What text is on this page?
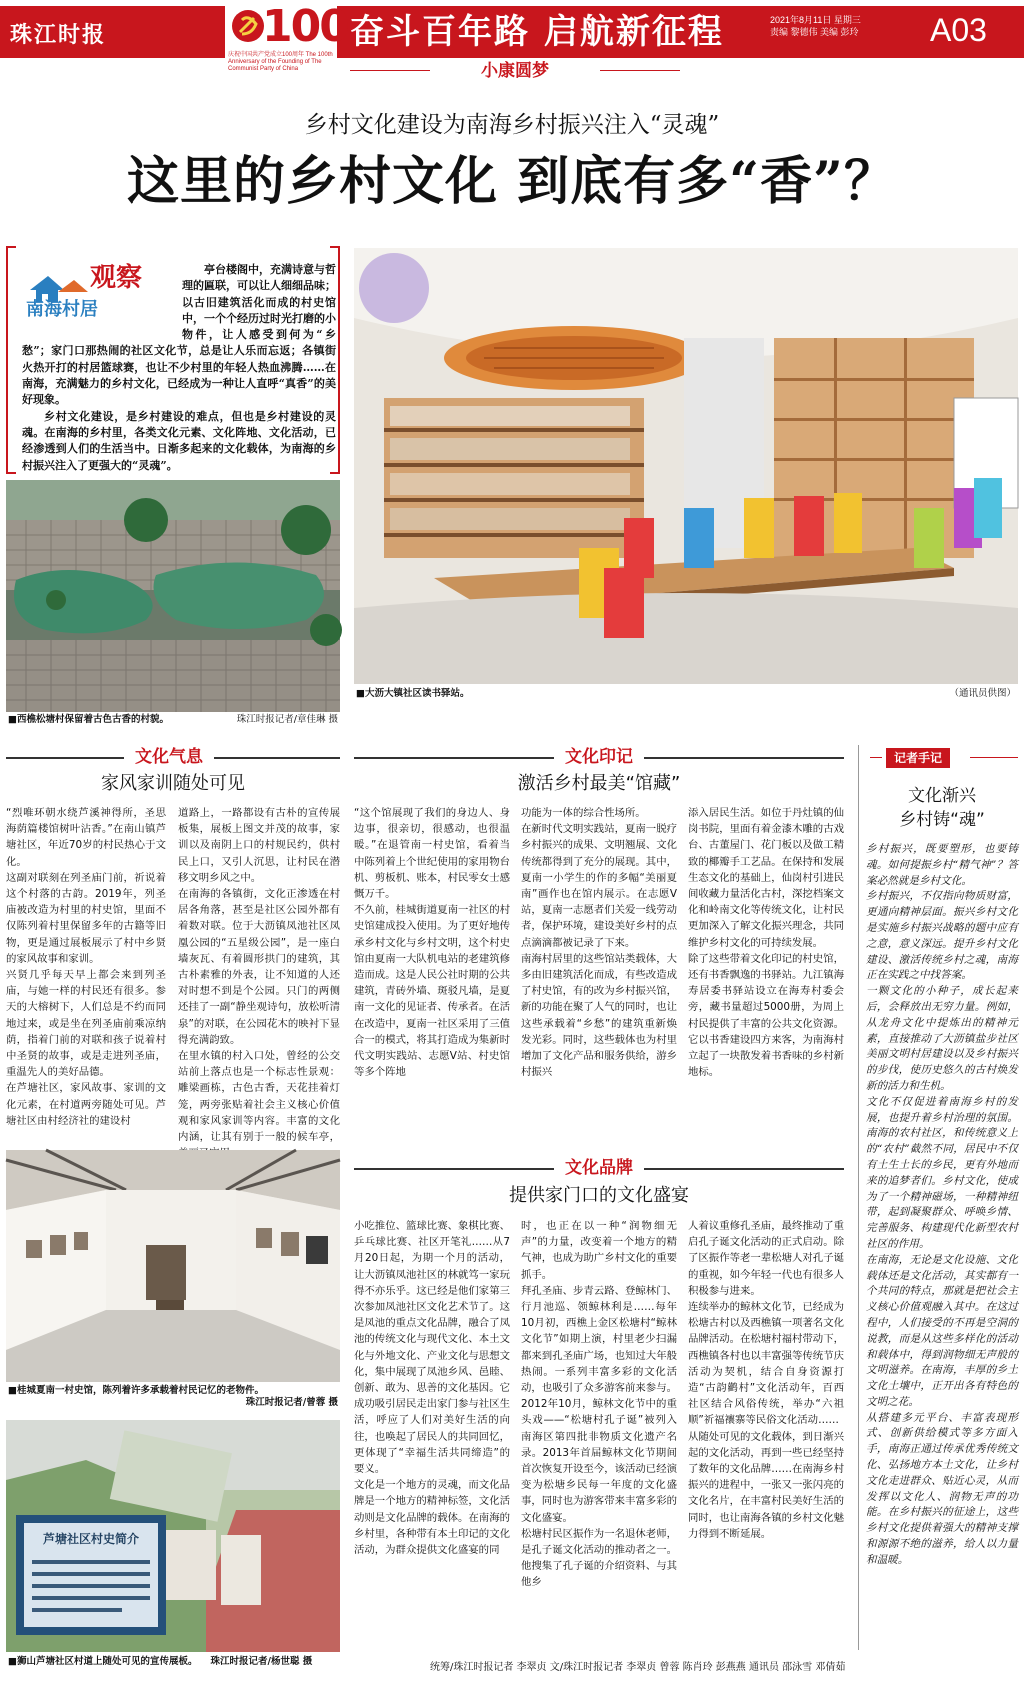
珠江时报	100
庆祝中国共产党成立100周年 The 100th Anniversary of the Founding of The Communist Party of China
奋斗百年路 启航新征程	2021年8月11日 星期三
责编 黎德伟 美编 彭玲	A03
小康圆梦
乡村文化建设为南海乡村振兴注入“灵魂”
这里的乡村文化 到底有多“香”？
观察
南海村居

亭台楼阁中，充满诗意与哲理的匾联，可以让人细细品味；以古旧建筑活化而成的村史馆中，一个个经历过时光打磨的小物件，让人感受到何为“乡愁”；家门口那热闹的社区文化节，总是让人乐而忘返；各镇街火热开打的村居篮球赛，也让不少村里的年轻人热血沸腾……在南海，充满魅力的乡村文化，已经成为一种让人直呼“真香”的美好现象。

乡村文化建设，是乡村建设的难点，但也是乡村建设的灵魂。在南海的乡村里，各类文化元素、文化阵地、文化活动，已经渗透到人们的生活当中。日渐多起来的文化载体，为南海的乡村振兴注入了更强大的“灵魂”。

■西樵松塘村保留着古色古香的村貌。	珠江时报记者/章佳琳 摄
■大沥大镇社区读书驿站。	（通讯员供图）
文化气息
家风家训随处可见
“烈唯环朝水绕芦溪神得所，圣思海荫篇楼馆树叶沾香。”在南山镇芦塘社区，年近70岁的村民热心于文化。
这副对联刻在列圣庙门前，祈说着这个村落的古韵。2019年，列圣庙被改造为村里的村史馆，里面不仅陈列着村里保留多年的古籍等旧物，更是通过展板展示了村中乡贤的家风故事和家训。
兴贤几乎每天早上都会来到列圣庙，与她一样的村民还有很多。参天的大榕树下，人们总是不约而同地过来，或是坐在列圣庙前乘凉纳荫，指着门前的对联和孩子说着村中圣贤的故事，或是走进列圣庙，重温先人的美好品德。
在芦塘社区，家风故事、家训的文化元素，在村道两旁随处可见。芦塘社区由村经济社的建设村
道路上，一路都设有古朴的宣传展板集，展板上图文并茂的故事，家训以及南阴上口的村规民约，供村民上口，又引人沉思，让村民在潜移文明乡风之中。
在南海的各镇街，文化正渗透在村居各角落，甚至是社区公园外都有着数对联。位于大沥镇凤池社区凤凰公园的“五星级公园”，是一座白墙灰瓦、有着圆形拱门的建筑，其古朴素雅的外表，让不知道的人还对时想不到是个公园。只门的两侧还挂了一副“静坐观诗句，放松听清泉”的对联，在公园花木的映衬下显得充满韵致。
在里水镇的村入口处，曾经的公交站前上落点也是一个标志性景观：雕梁画栋，古色古香，天花挂着灯笼，两旁张贴着社会主义核心价值观和家风家训等内容。丰富的文化内涵，让其有别于一般的候车亭，
■桂城夏南一村史馆，陈列着许多承载着村民记忆的老物件。
珠江时报记者/曾蓉 摄
芦塘社区村史简介
■狮山芦塘社区村道上随处可见的宣传展板。 珠江时报记者/杨世聪 摄
文化印记
激活乡村最美“馆藏”
“这个馆展现了我们的身边人、身边事，很亲切，很感动，也很温暖。”在退管南一村史馆，看着当中陈列着上个世纪使用的家用物台机、剪板机、账本，村民零女士感慨万千。
不久前，桂城街道夏南一社区的村史馆建成投入使用。为了更好地传承乡村文化与乡村文明，这个村史馆由夏南一大队机电站的老建筑修造而成。这是人民公社时期的公共建筑，青砖外墙、斑驳凡墙，是夏南一文化的见证者、传承者。在活在改造中，夏南一社区采用了三值合一的模式，将其打造成为集新时代文明实践站、志愿V站、村史馆等多个阵地
功能为一体的综合性场所。
在新时代文明实践站，夏南一脱疗乡村振兴的成果、文明翘展、文化传统都得到了充分的展现。其中，夏南一小学生的作的多幅“美丽夏南”画作也在馆内展示。在志愿V站，夏南一志愿者们关爱一线劳动者，保护环境，建设美好乡村的点点滴滴都被记录了下来。
南海村居里的这些馆站类载体，大多由旧建筑活化而成，有些改造成了村史馆，有的改为乡村振兴馆，新的功能在聚了人气的同时，也让这些承载着“乡愁”的建筑重新焕发光彩。同时，这些载体也为村里增加了文化产品和服务供给，游乡村振兴
添入居民生活。如位于丹灶镇的仙岗书院，里面有着金漆木雕的古戏台、古董屋门、花门板以及做工精致的椰瓣手工艺品。在保持和发展生态文化的基础上，仙岗村引进民间收藏力量活化古村，深挖档案文化和岭南文化等传统文化，让村民更加深入了解文化振兴理念，共同维护乡村文化的可持续发展。
除了这些带着文化印记的村史馆，还有书香飘逸的书驿站。九江镇海寿居委书驿站设立在海寿村委会旁，藏书量超过5000册，为周上村民提供了丰富的公共文化资源。它以书香建设四方来客，为南海村立起了一块散发着书香味的乡村新地标。
文化品牌
提供家门口的文化盛宴
小吃推位、篮球比赛、象棋比赛、乒乓球比赛、社区开笔礼……从7月20日起，为期一个月的活动，让大沥镇凤池社区的林就笃一家玩得不亦乐乎。这已经是他们家第三次参加凤池社区文化艺术节了。这是凤池的重点文化品牌，融合了凤池的传统文化与现代文化、本土文化与外地文化、产业文化与思想文化，集中展现了凤池乡风、邑睦、创新、敢为、思善的文化基因。它成功吸引居民走出家门参与社区生活，呼应了人们对美好生活的向往，也唤起了居民人的共同回忆，更体现了“幸福生活共同缔造”的要义。
文化是一个地方的灵魂，而文化品牌是一个地方的精神标签，文化活动则是文化品牌的载体。在南海的乡村里，各种带有本土印记的文化活动，为群众提供文化盛宴的同
时，也正在以一种“润物细无声”的力量，改变着一个地方的精气神，也成为助广乡村文化的重要抓手。
拜孔圣庙、步青云路、登鲸林门、行月池巡、领鲸林利是……每年10月初，西樵上金区松塘村“鲸林文化节”如期上演，村里老少扫漏都来到孔圣庙广场，也知过大年般热闹。一系列丰富多彩的文化活动，也吸引了众多游客前来参与。2012年10月，鲸林文化节中的重头戏——“松塘村孔子诞”被列入南海区第四批非物质文化遗产名录。2013年首届鲸林文化节期间首次恢复开设至今，该活动已经演变为松塘乡民每一年度的文化盛事，同时也为游客带来丰富多彩的文化盛宴。
松塘村民区振作为一名退休老师，是孔子诞文化活动的推动者之一。他搜集了孔子诞的介绍资料、与其他乡
人着议重修孔圣庙，最终推动了重启孔子诞文化活动的正式启动。除了区振作等老一辈松塘人对孔子诞的重视，如今年轻一代也有很多人积极参与进来。
连续举办的鲸林文化节，已经成为松塘古村以及西樵镇一项著名文化品牌活动。在松塘村福村带动下，西樵镇各村也以丰富强等传统节庆活动为契机，结合自身资源打造“古韵鹳村”文化活动年，百西社区结合风俗传统，举办“六祖顺”祈福禳寨等民俗文化活动……
从随处可见的文化载体，到日渐兴起的文化活动，再到一些已经坚持了数年的文化品牌……在南海乡村振兴的进程中，一张又一张闪亮的文化名片，在丰富村民美好生活的同时，也让南海各镇的乡村文化魅力得到不断延展。
记者手记
文化渐兴
乡村铸“魂”
乡村振兴，既要塑形，也要铸魂。如何提振乡村“精气神”？答案必然就是乡村文化。
乡村振兴，不仅指向物质财富，更通向精神层面。振兴乡村文化是实施乡村振兴战略的题中应有之意，意义深远。提升乡村文化建设、激活传统乡村之魂，南海正在实践之中找答案。
一颗文化的小种子，成长起来后，会释放出无穷力量。例如，从龙舟文化中提炼出的精神元素，直接推动了大沥镇盐步社区美丽文明村居建设以及乡村振兴的步伐，使历史悠久的古村焕发新的活力和生机。
文化不仅促进着南海乡村的发展，也提升着乡村治理的氛围。南海的农村社区，和传统意义上的“农村”截然不同，居民中不仅有土生土长的乡民，更有外地而来的追梦者们。乡村文化，使成为了一个精神磁场，一种精神纽带，起到凝聚群众、呼唤乡情、完善服务、构建现代化新型农村社区的作用。
在南海，无论是文化设施、文化载体还是文化活动，其实都有一个共同的特点，那就是把社会主义核心价值观融入其中。在这过程中，人们接受的不再是空洞的说教，而是从这些多样化的活动和载体中，得到润物细无声般的文明滋养。在南海，丰厚的乡土文化土壤中，正开出各有特色的文明之花。
从搭建多元平台、丰富表现形式、创新供给模式等多方面入手，南海正通过传承优秀传统文化、弘扬地方本土文化，让乡村文化走进群众、贴近心灵，从而发挥以文化人、润物无声的功能。在乡村振兴的征途上，这些乡村文化提供着强大的精神支撑和源源不绝的滋养，给人以力量和温暖。
统筹/珠江时报记者 李翠贞 文/珠江时报记者 李翠贞 曾蓉 陈肖玲 彭燕燕 通讯员 邵泳雪 邓倩茹
